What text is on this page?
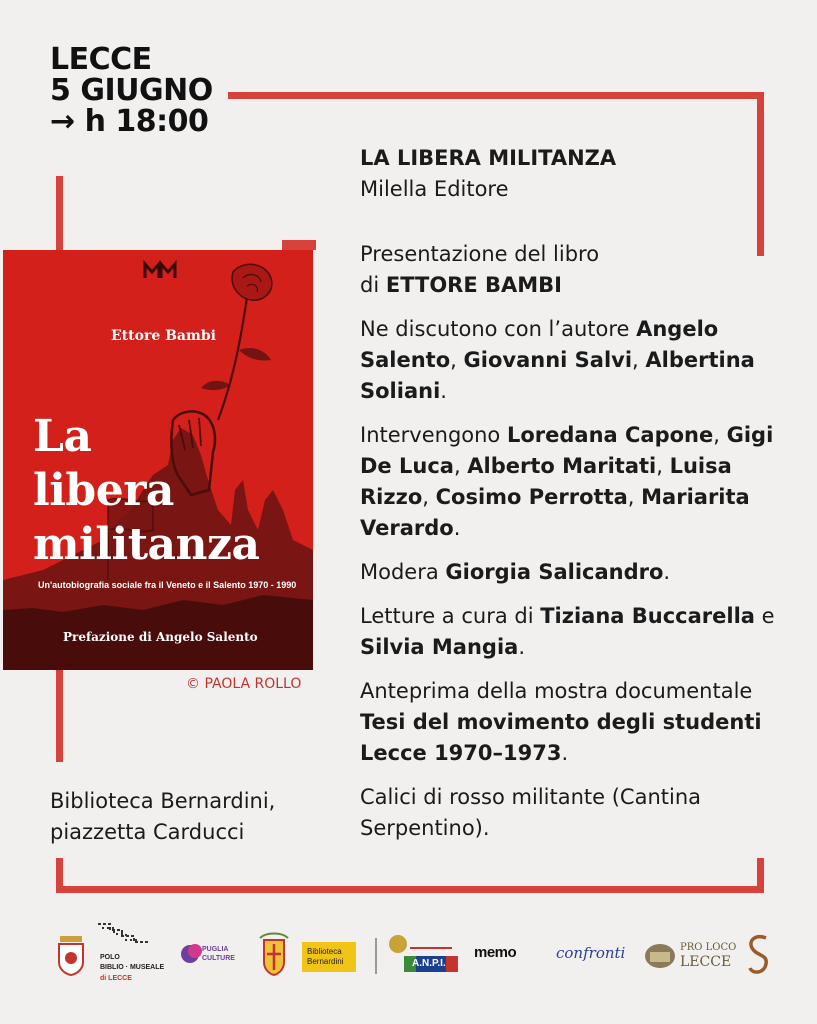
LECCE
5 GIUGNO
→ h 18:00
Ettore Bambi
La
libera
militanza
Un'autobiografia sociale fra il Veneto e il Salento 1970 - 1990
Prefazione di Angelo Salento
© PAOLA ROLLO
Biblioteca Bernardini,
piazzetta Carducci
LA LIBERA MILITANZA
Milella Editore

Presentazione del libro
di ETTORE BAMBI

Ne discutono con l’autore Angelo Salento, Giovanni Salvi, Albertina Soliani.

Intervengono Loredana Capone, Gigi De Luca, Alberto Maritati, Luisa Rizzo, Cosimo Perrotta, Mariarita Verardo.

Modera Giorgia Salicandro.

Letture a cura di Tiziana Buccarella e Silvia Mangia.

Anteprima della mostra documentale Tesi del movimento degli studenti Lecce 1970–1973.

Calici di rosso militante (Cantina Serpentino).

POLO
BIBLIO · MUSEALE
di LECCE
PUGLIA
CULTURE
Biblioteca
Bernardini	A.N.P.I.
memo	confronti	PRO LOCO
LECCE
